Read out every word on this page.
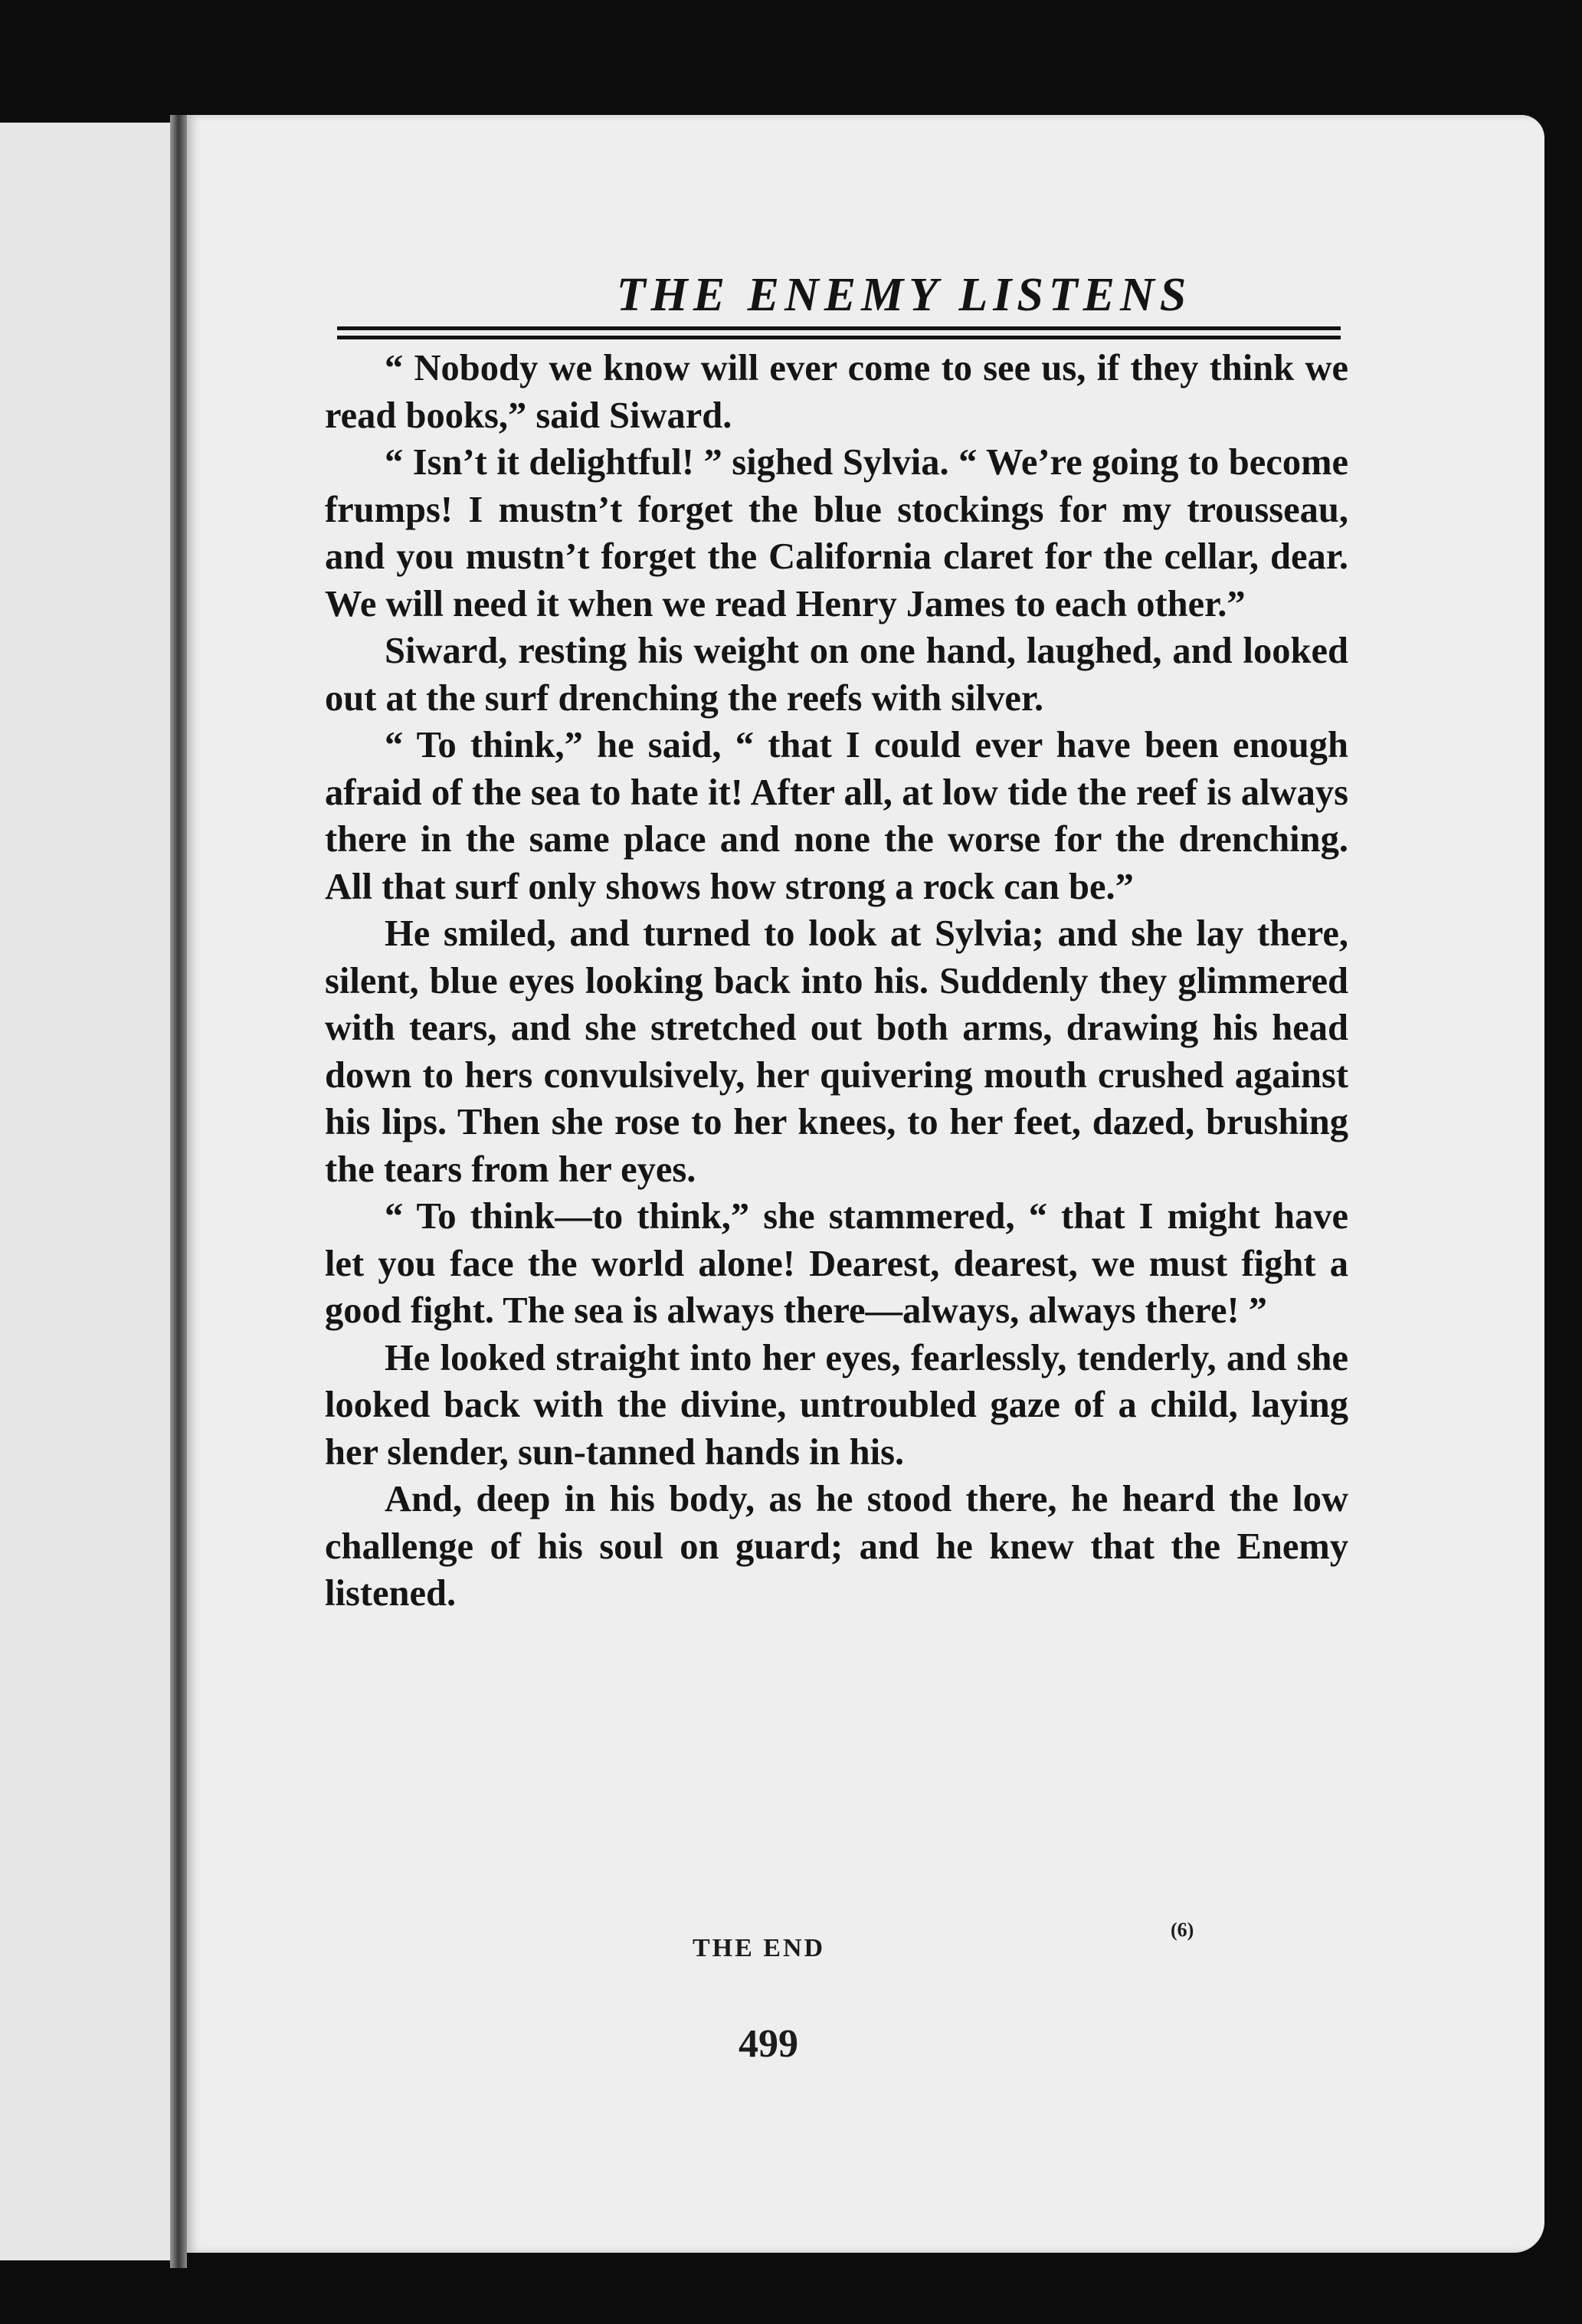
THE ENEMY LISTENS

“ Nobody we know will ever come to see us, if they think we read books,” said Siward.

“ Isn’t it delightful! ” sighed Sylvia. “ We’re going to become frumps! I mustn’t forget the blue stockings for my trousseau, and you mustn’t forget the California claret for the cellar, dear. We will need it when we read Henry James to each other.”

Siward, resting his weight on one hand, laughed, and looked out at the surf drenching the reefs with silver.

“ To think,” he said, “ that I could ever have been enough afraid of the sea to hate it! After all, at low tide the reef is always there in the same place and none the worse for the drenching. All that surf only shows how strong a rock can be.”

He smiled, and turned to look at Sylvia; and she lay there, silent, blue eyes looking back into his. Suddenly they glimmered with tears, and she stretched out both arms, drawing his head down to hers convulsively, her quivering mouth crushed against his lips. Then she rose to her knees, to her feet, dazed, brushing the tears from her eyes.

“ To think—to think,” she stammered, “ that I might have let you face the world alone! Dearest, dearest, we must fight a good fight. The sea is always there—always, always there! ”

He looked straight into her eyes, fearlessly, tenderly, and she looked back with the divine, untroubled gaze of a child, laying her slender, sun-tanned hands in his.

And, deep in his body, as he stood there, he heard the low challenge of his soul on guard; and he knew that the Enemy listened.

THE END
(6)
499
